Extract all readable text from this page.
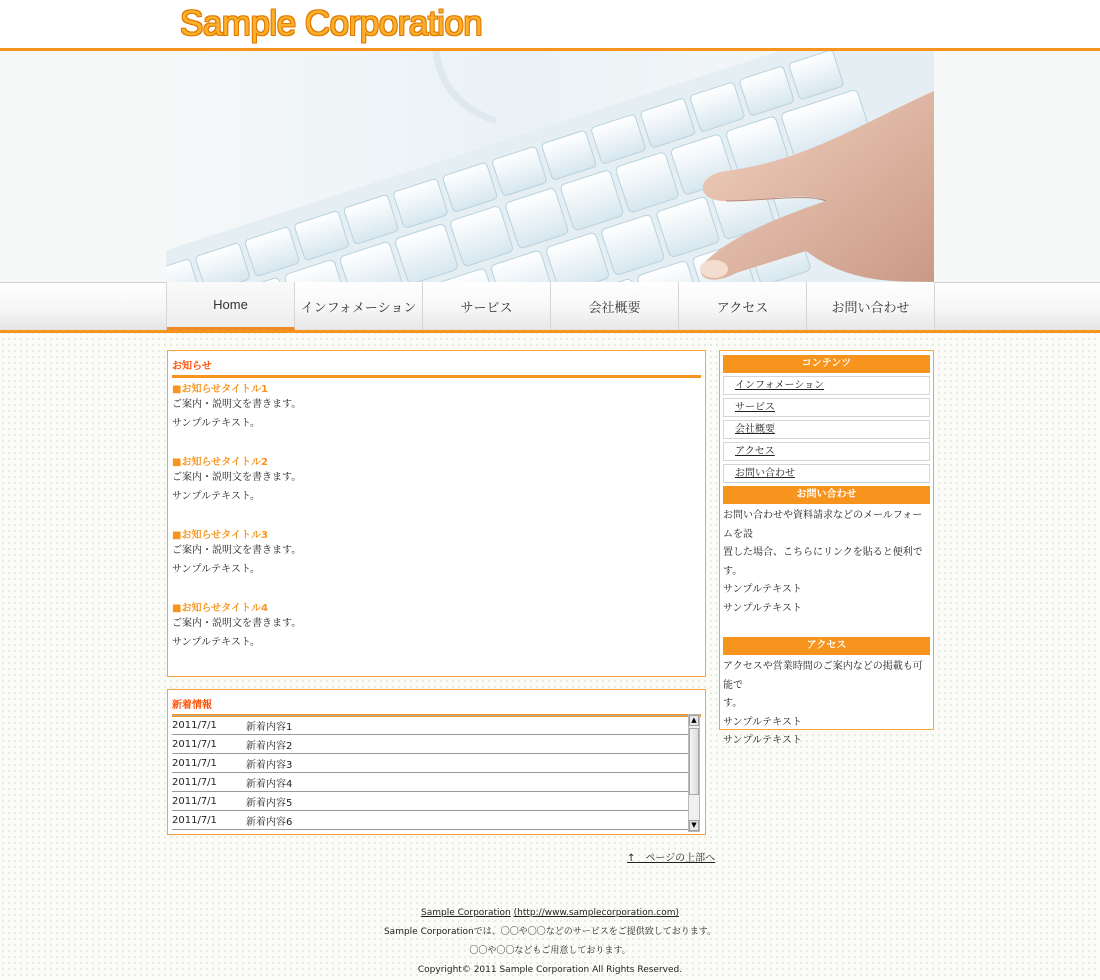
Sample Corporation
Home	インフォメーション	サービス	会社概要	アクセス	お問い合わせ
お知らせ
■お知らせタイトル1
ご案内・説明文を書きます。
サンプルテキスト。
■お知らせタイトル2
ご案内・説明文を書きます。
サンプルテキスト。
■お知らせタイトル3
ご案内・説明文を書きます。
サンプルテキスト。
■お知らせタイトル4
ご案内・説明文を書きます。
サンプルテキスト。
新着情報
2011/7/1	新着内容1
2011/7/1	新着内容2
2011/7/1	新着内容3
2011/7/1	新着内容4
2011/7/1	新着内容5
2011/7/1	新着内容6
▲
▼
コンテンツ
インフォメーション
サービス
会社概要
アクセス
お問い合わせ
お問い合わせ
お問い合わせや資料請求などのメールフォームを設
置した場合、こちらにリンクを貼ると便利です。
サンプルテキスト
サンプルテキスト
アクセス
アクセスや営業時間のご案内などの掲載も可能で
す。
サンプルテキスト
サンプルテキスト
↑　ページの上部へ
Sample Corporation (http://www.samplecorporation.com)
Sample Corporationでは、〇〇や〇〇などのサービスをご提供致しております。
〇〇や〇〇などもご用意しております。
Copyright© 2011 Sample Corporation All Rights Reserved.
